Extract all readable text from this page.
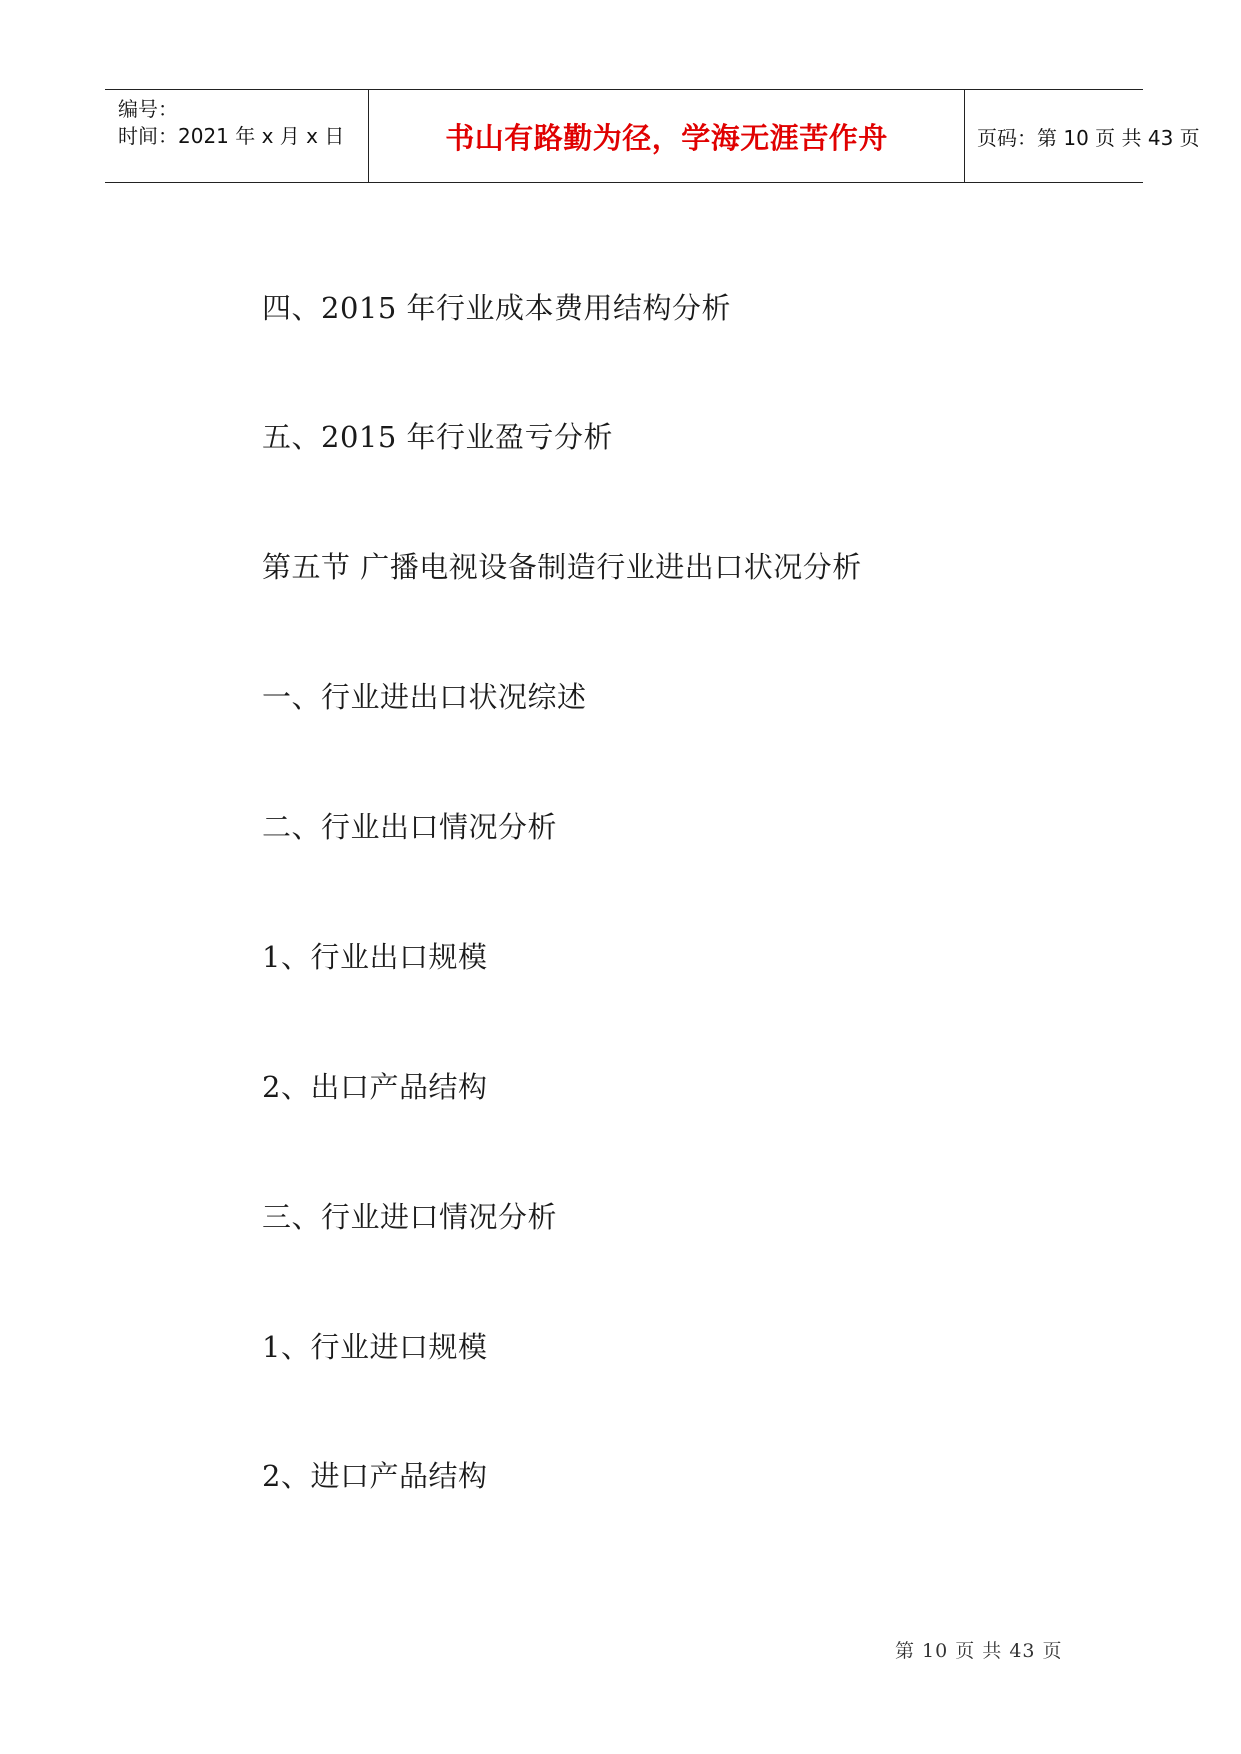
编号：
时间：2021 年 x 月 x 日	书山有路勤为径，学海无涯苦作舟	页码：第 10 页 共 43 页
四、2015 年行业成本费用结构分析
五、2015 年行业盈亏分析
第五节 广播电视设备制造行业进出口状况分析
一、行业进出口状况综述
二、行业出口情况分析
1、行业出口规模
2、出口产品结构
三、行业进口情况分析
1、行业进口规模
2、进口产品结构
第 10 页 共 43 页
